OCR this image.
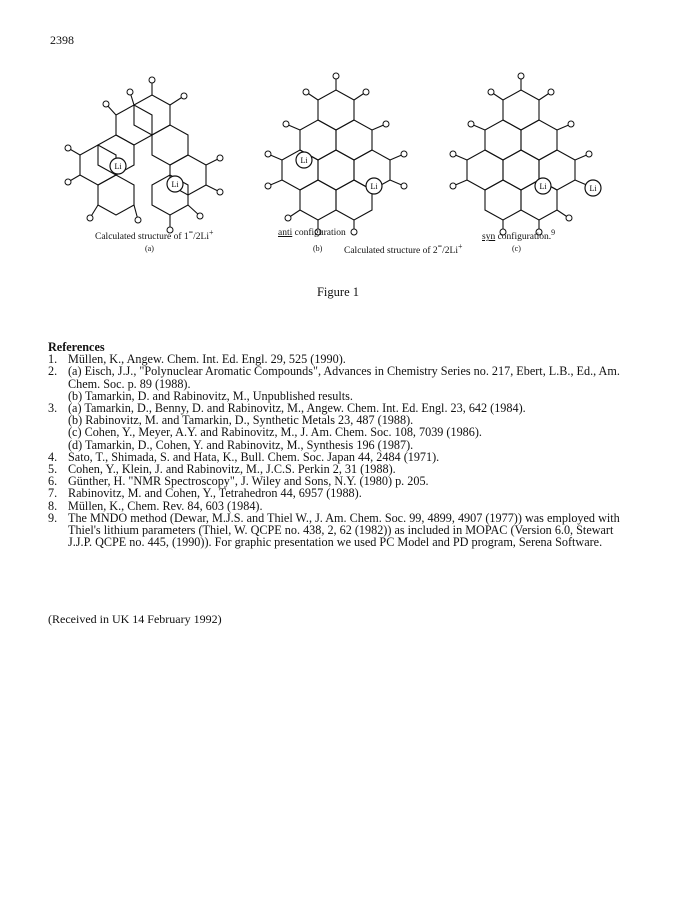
2398
Li
Li
Li
Li	Li	Li
Calculated structure of 1=/2Li+
(a)
anti configuration
(b) Calculated structure of 2=/2Li+	(c)
syn configuration.$^9$
Figure 1
References
1. Müllen, K., Angew. Chem. Int. Ed. Engl. 29, 525 (1990).
2. (a) Eisch, J.J., "Polynuclear Aromatic Compounds", Advances in Chemistry Series no. 217, Ebert, L.B., Ed., Am. Chem. Soc. p. 89 (1988).
(b) Tamarkin, D. and Rabinovitz, M., Unpublished results.
3. (a) Tamarkin, D., Benny, D. and Rabinovitz, M., Angew. Chem. Int. Ed. Engl. 23, 642 (1984).
(b) Rabinovitz, M. and Tamarkin, D., Synthetic Metals 23, 487 (1988).
(c) Cohen, Y., Meyer, A.Y. and Rabinovitz, M., J. Am. Chem. Soc. 108, 7039 (1986).
(d) Tamarkin, D., Cohen, Y. and Rabinovitz, M., Synthesis 196 (1987).
4. Sato, T., Shimada, S. and Hata, K., Bull. Chem. Soc. Japan 44, 2484 (1971).
5. Cohen, Y., Klein, J. and Rabinovitz, M., J.C.S. Perkin 2, 31 (1988).
6. Günther, H. "NMR Spectroscopy", J. Wiley and Sons, N.Y. (1980) p. 205.
7. Rabinovitz, M. and Cohen, Y., Tetrahedron 44, 6957 (1988).
8. Müllen, K., Chem. Rev. 84, 603 (1984).
9. The MNDO method (Dewar, M.J.S. and Thiel W., J. Am. Chem. Soc. 99, 4899, 4907 (1977)) was employed with Thiel's lithium parameters (Thiel, W. QCPE no. 438, 2, 62 (1982)) as included in MOPAC (Version 6.0, Stewart J.J.P. QCPE no. 445, (1990)). For graphic presentation we used PC Model and PD program, Serena Software.
(Received in UK 14 February 1992)
